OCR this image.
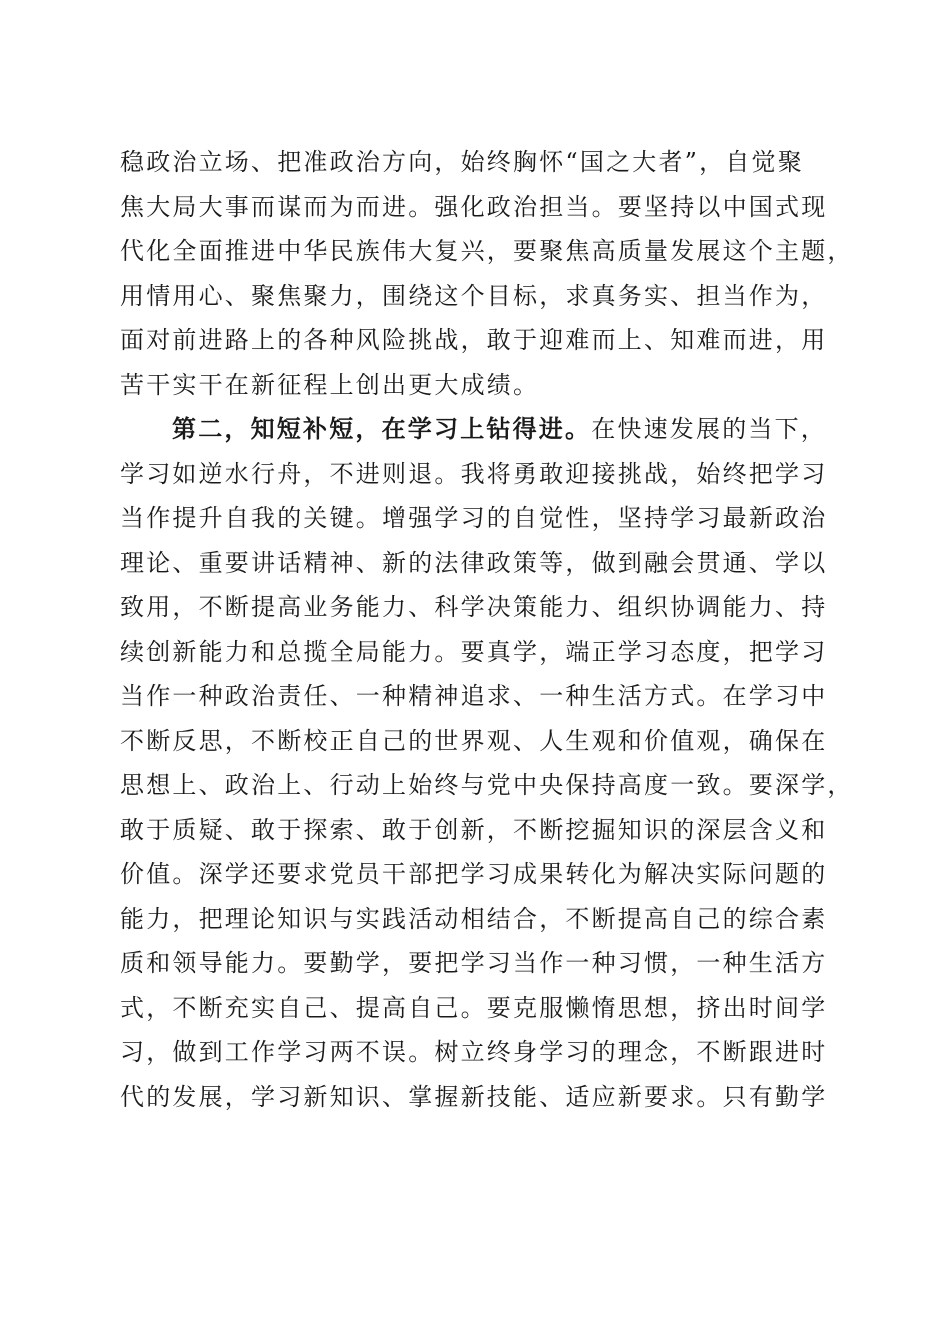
稳政治立场、把准政治方向，始终胸怀“国之大者”，自觉聚
焦大局大事而谋而为而进。强化政治担当。要坚持以中国式现
代化全面推进中华民族伟大复兴，要聚焦高质量发展这个主题，
用情用心、聚焦聚力，围绕这个目标，求真务实、担当作为，
面对前进路上的各种风险挑战，敢于迎难而上、知难而进，用
苦干实干在新征程上创出更大成绩。
第二，知短补短，在学习上钻得进。在快速发展的当下，
学习如逆水行舟，不进则退。我将勇敢迎接挑战，始终把学习
当作提升自我的关键。增强学习的自觉性，坚持学习最新政治
理论、重要讲话精神、新的法律政策等，做到融会贯通、学以
致用，不断提高业务能力、科学决策能力、组织协调能力、持
续创新能力和总揽全局能力。要真学，端正学习态度，把学习
当作一种政治责任、一种精神追求、一种生活方式。在学习中
不断反思，不断校正自己的世界观、人生观和价值观，确保在
思想上、政治上、行动上始终与党中央保持高度一致。要深学，
敢于质疑、敢于探索、敢于创新，不断挖掘知识的深层含义和
价值。深学还要求党员干部把学习成果转化为解决实际问题的
能力，把理论知识与实践活动相结合，不断提高自己的综合素
质和领导能力。要勤学，要把学习当作一种习惯，一种生活方
式，不断充实自己、提高自己。要克服懒惰思想，挤出时间学
习，做到工作学习两不误。树立终身学习的理念，不断跟进时
代的发展，学习新知识、掌握新技能、适应新要求。只有勤学
